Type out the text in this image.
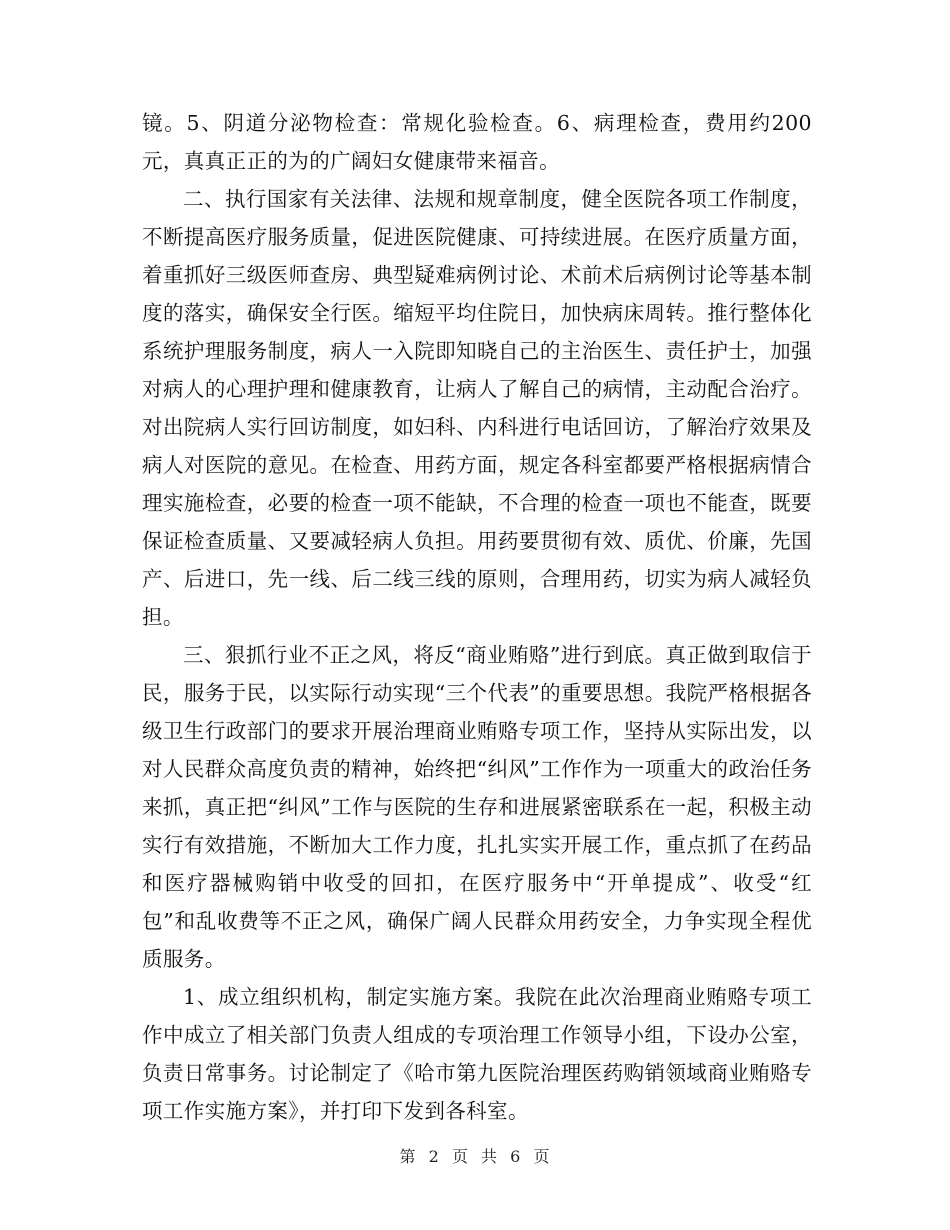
镜。5、阴道分泌物检查：常规化验检查。6、病理检查，费用约200元，真真正正的为的广阔妇女健康带来福音。

二、执行国家有关法律、法规和规章制度，健全医院各项工作制度，不断提高医疗服务质量，促进医院健康、可持续进展。在医疗质量方面，着重抓好三级医师查房、典型疑难病例讨论、术前术后病例讨论等基本制度的落实，确保安全行医。缩短平均住院日，加快病床周转。推行整体化系统护理服务制度，病人一入院即知晓自己的主治医生、责任护士，加强对病人的心理护理和健康教育，让病人了解自己的病情，主动配合治疗。对出院病人实行回访制度，如妇科、内科进行电话回访，了解治疗效果及病人对医院的意见。在检查、用药方面，规定各科室都要严格根据病情合理实施检查，必要的检查一项不能缺，不合理的检查一项也不能查，既要保证检查质量、又要减轻病人负担。用药要贯彻有效、质优、价廉，先国产、后进口，先一线、后二线三线的原则，合理用药，切实为病人减轻负担。

三、狠抓行业不正之风，将反“商业贿赂”进行到底。真正做到取信于民，服务于民，以实际行动实现“三个代表”的重要思想。我院严格根据各级卫生行政部门的要求开展治理商业贿赂专项工作，坚持从实际出发，以对人民群众高度负责的精神，始终把“纠风”工作作为一项重大的政治任务来抓，真正把“纠风”工作与医院的生存和进展紧密联系在一起，积极主动实行有效措施，不断加大工作力度，扎扎实实开展工作，重点抓了在药品和医疗器械购销中收受的回扣，在医疗服务中“开单提成”、收受“红包”和乱收费等不正之风，确保广阔人民群众用药安全，力争实现全程优质服务。

1、成立组织机构，制定实施方案。我院在此次治理商业贿赂专项工作中成立了相关部门负责人组成的专项治理工作领导小组，下设办公室，负责日常事务。讨论制定了《哈市第九医院治理医药购销领域商业贿赂专项工作实施方案》，并打印下发到各科室。

第 2 页 共 6 页
